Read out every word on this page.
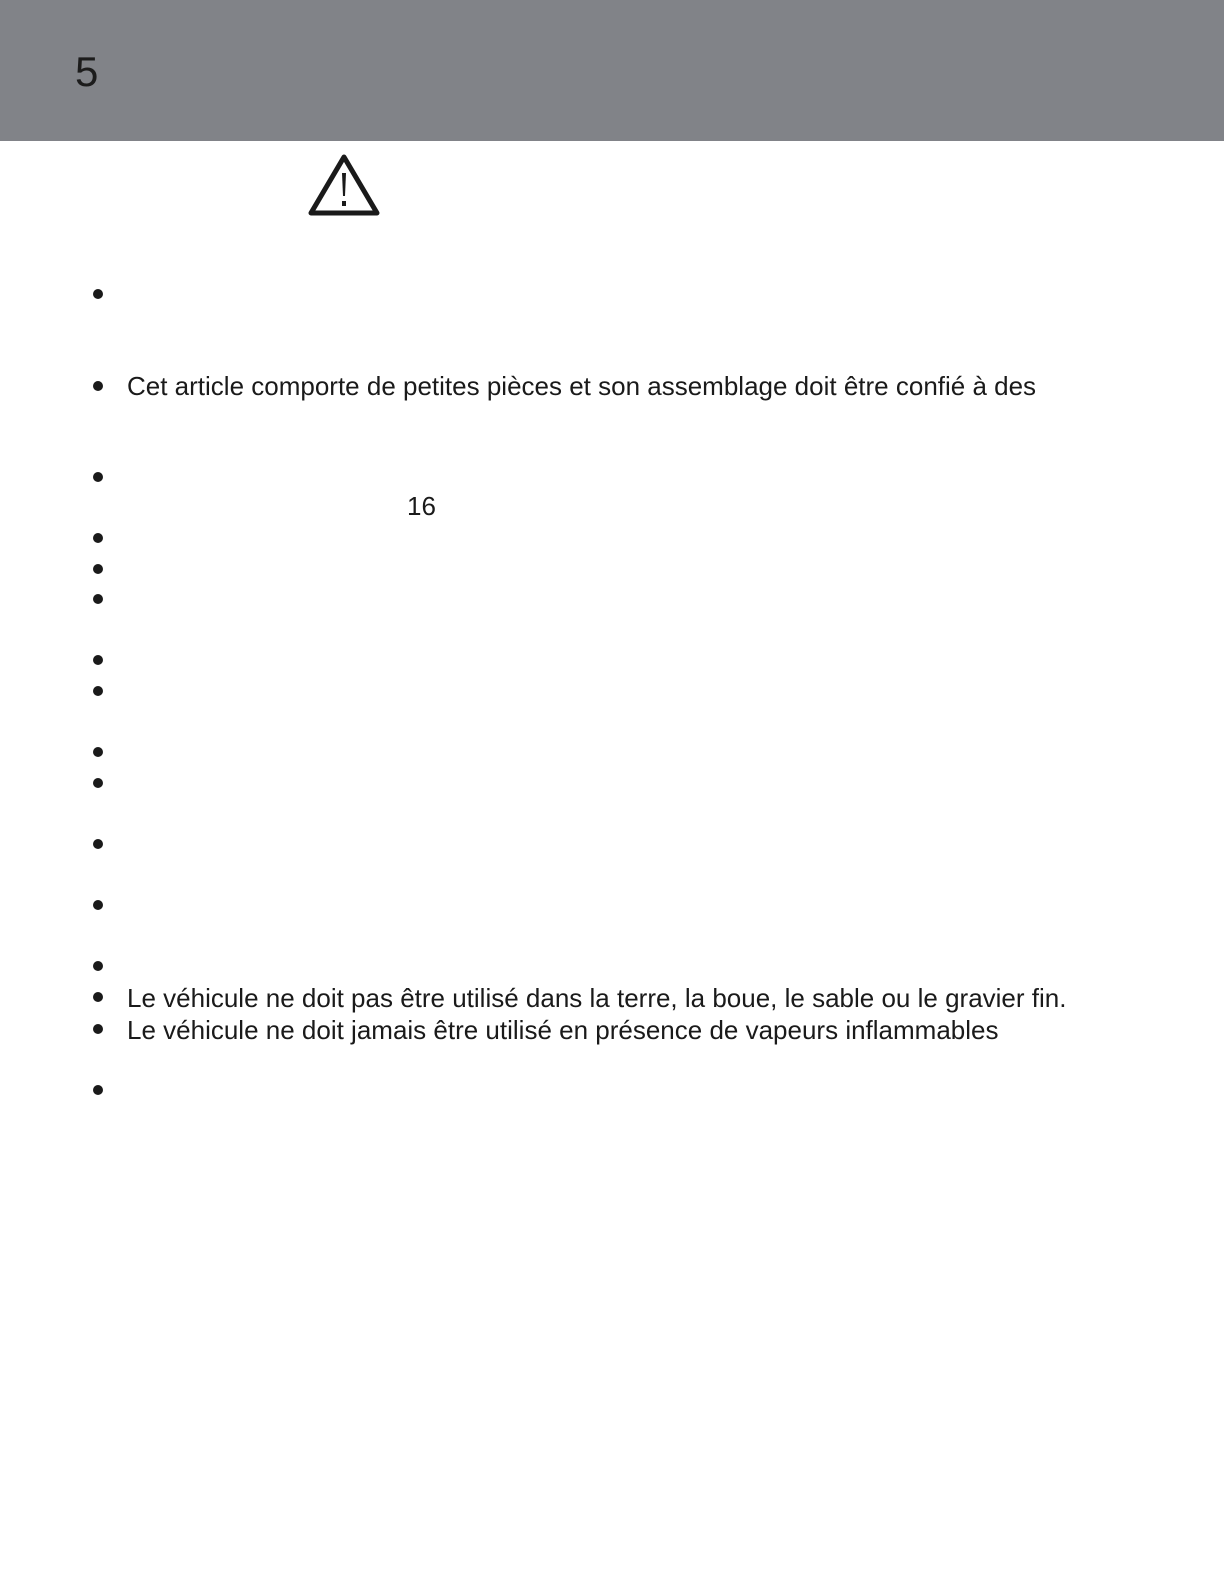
5
Cet article comporte de petites pièces et son assemblage doit être confié à des
16
Le véhicule ne doit pas être utilisé dans la terre, la boue, le sable ou le gravier fin.
Le véhicule ne doit jamais être utilisé en présence de vapeurs inflammables
